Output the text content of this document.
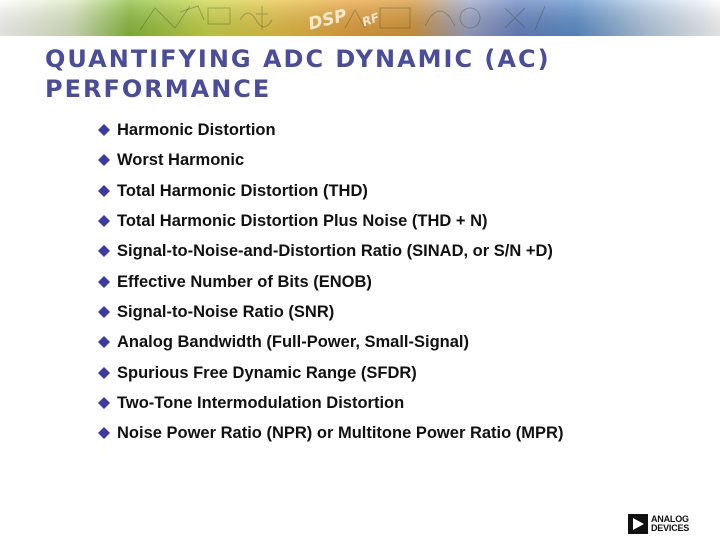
DSP RF
QUANTIFYING ADC DYNAMIC (AC)
PERFORMANCE
Harmonic Distortion
Worst Harmonic
Total Harmonic Distortion (THD)
Total Harmonic Distortion Plus Noise (THD + N)
Signal-to-Noise-and-Distortion Ratio (SINAD, or S/N +D)
Effective Number of Bits (ENOB)
Signal-to-Noise Ratio (SNR)
Analog Bandwidth (Full-Power, Small-Signal)
Spurious Free Dynamic Range (SFDR)
Two-Tone Intermodulation Distortion
Noise Power Ratio (NPR) or Multitone Power Ratio (MPR)
ANALOG
DEVICES
